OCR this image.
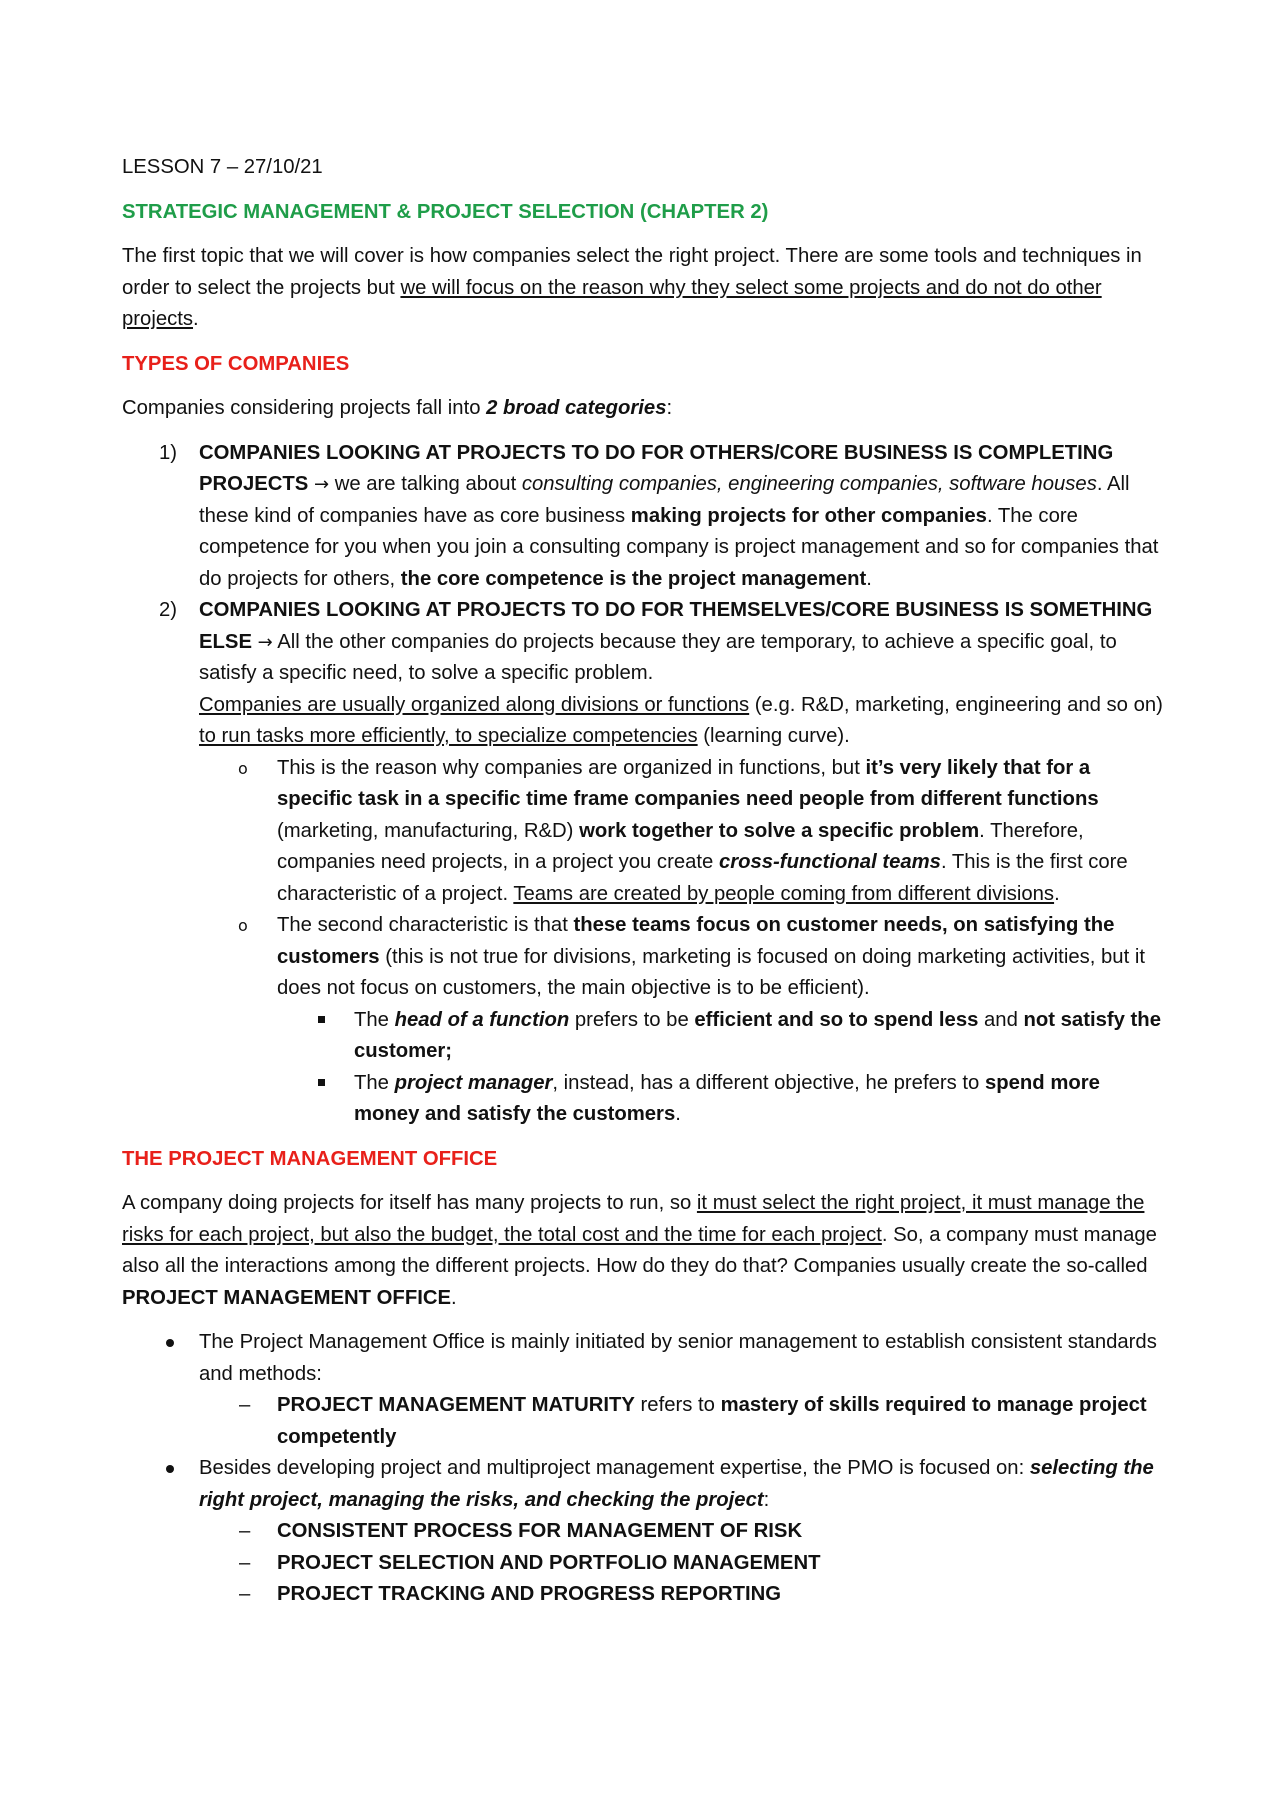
LESSON 7 – 27/10/21

STRATEGIC MANAGEMENT & PROJECT SELECTION (CHAPTER 2)

The first topic that we will cover is how companies select the right project. There are some tools and techniques in order to select the projects but we will focus on the reason why they select some projects and do not do other projects.

TYPES OF COMPANIES

Companies considering projects fall into 2 broad categories:

1) COMPANIES LOOKING AT PROJECTS TO DO FOR OTHERS/CORE BUSINESS IS COMPLETING PROJECTS → we are talking about consulting companies, engineering companies, software houses. All these kind of companies have as core business making projects for other companies. The core competence for you when you join a consulting company is project management and so for companies that do projects for others, the core competence is the project management.

2) COMPANIES LOOKING AT PROJECTS TO DO FOR THEMSELVES/CORE BUSINESS IS SOMETHING ELSE → All the other companies do projects because they are temporary, to achieve a specific goal, to satisfy a specific need, to solve a specific problem.

Companies are usually organized along divisions or functions (e.g. R&D, marketing, engineering and so on) to run tasks more efficiently, to specialize competencies (learning curve).

o This is the reason why companies are organized in functions, but it’s very likely that for a specific task in a specific time frame companies need people from different functions (marketing, manufacturing, R&D) work together to solve a specific problem. Therefore, companies need projects, in a project you create cross-functional teams. This is the first core characteristic of a project. Teams are created by people coming from different divisions.

o The second characteristic is that these teams focus on customer needs, on satisfying the customers (this is not true for divisions, marketing is focused on doing marketing activities, but it does not focus on customers, the main objective is to be efficient).

The head of a function prefers to be efficient and so to spend less and not satisfy the customer;

The project manager, instead, has a different objective, he prefers to spend more money and satisfy the customers.

THE PROJECT MANAGEMENT OFFICE

A company doing projects for itself has many projects to run, so it must select the right project, it must manage the risks for each project, but also the budget, the total cost and the time for each project. So, a company must manage also all the interactions among the different projects. How do they do that? Companies usually create the so-called PROJECT MANAGEMENT OFFICE.

The Project Management Office is mainly initiated by senior management to establish consistent standards and methods:

– PROJECT MANAGEMENT MATURITY refers to mastery of skills required to manage project competently

Besides developing project and multiproject management expertise, the PMO is focused on: selecting the right project, managing the risks, and checking the project:

– CONSISTENT PROCESS FOR MANAGEMENT OF RISK

– PROJECT SELECTION AND PORTFOLIO MANAGEMENT

– PROJECT TRACKING AND PROGRESS REPORTING
